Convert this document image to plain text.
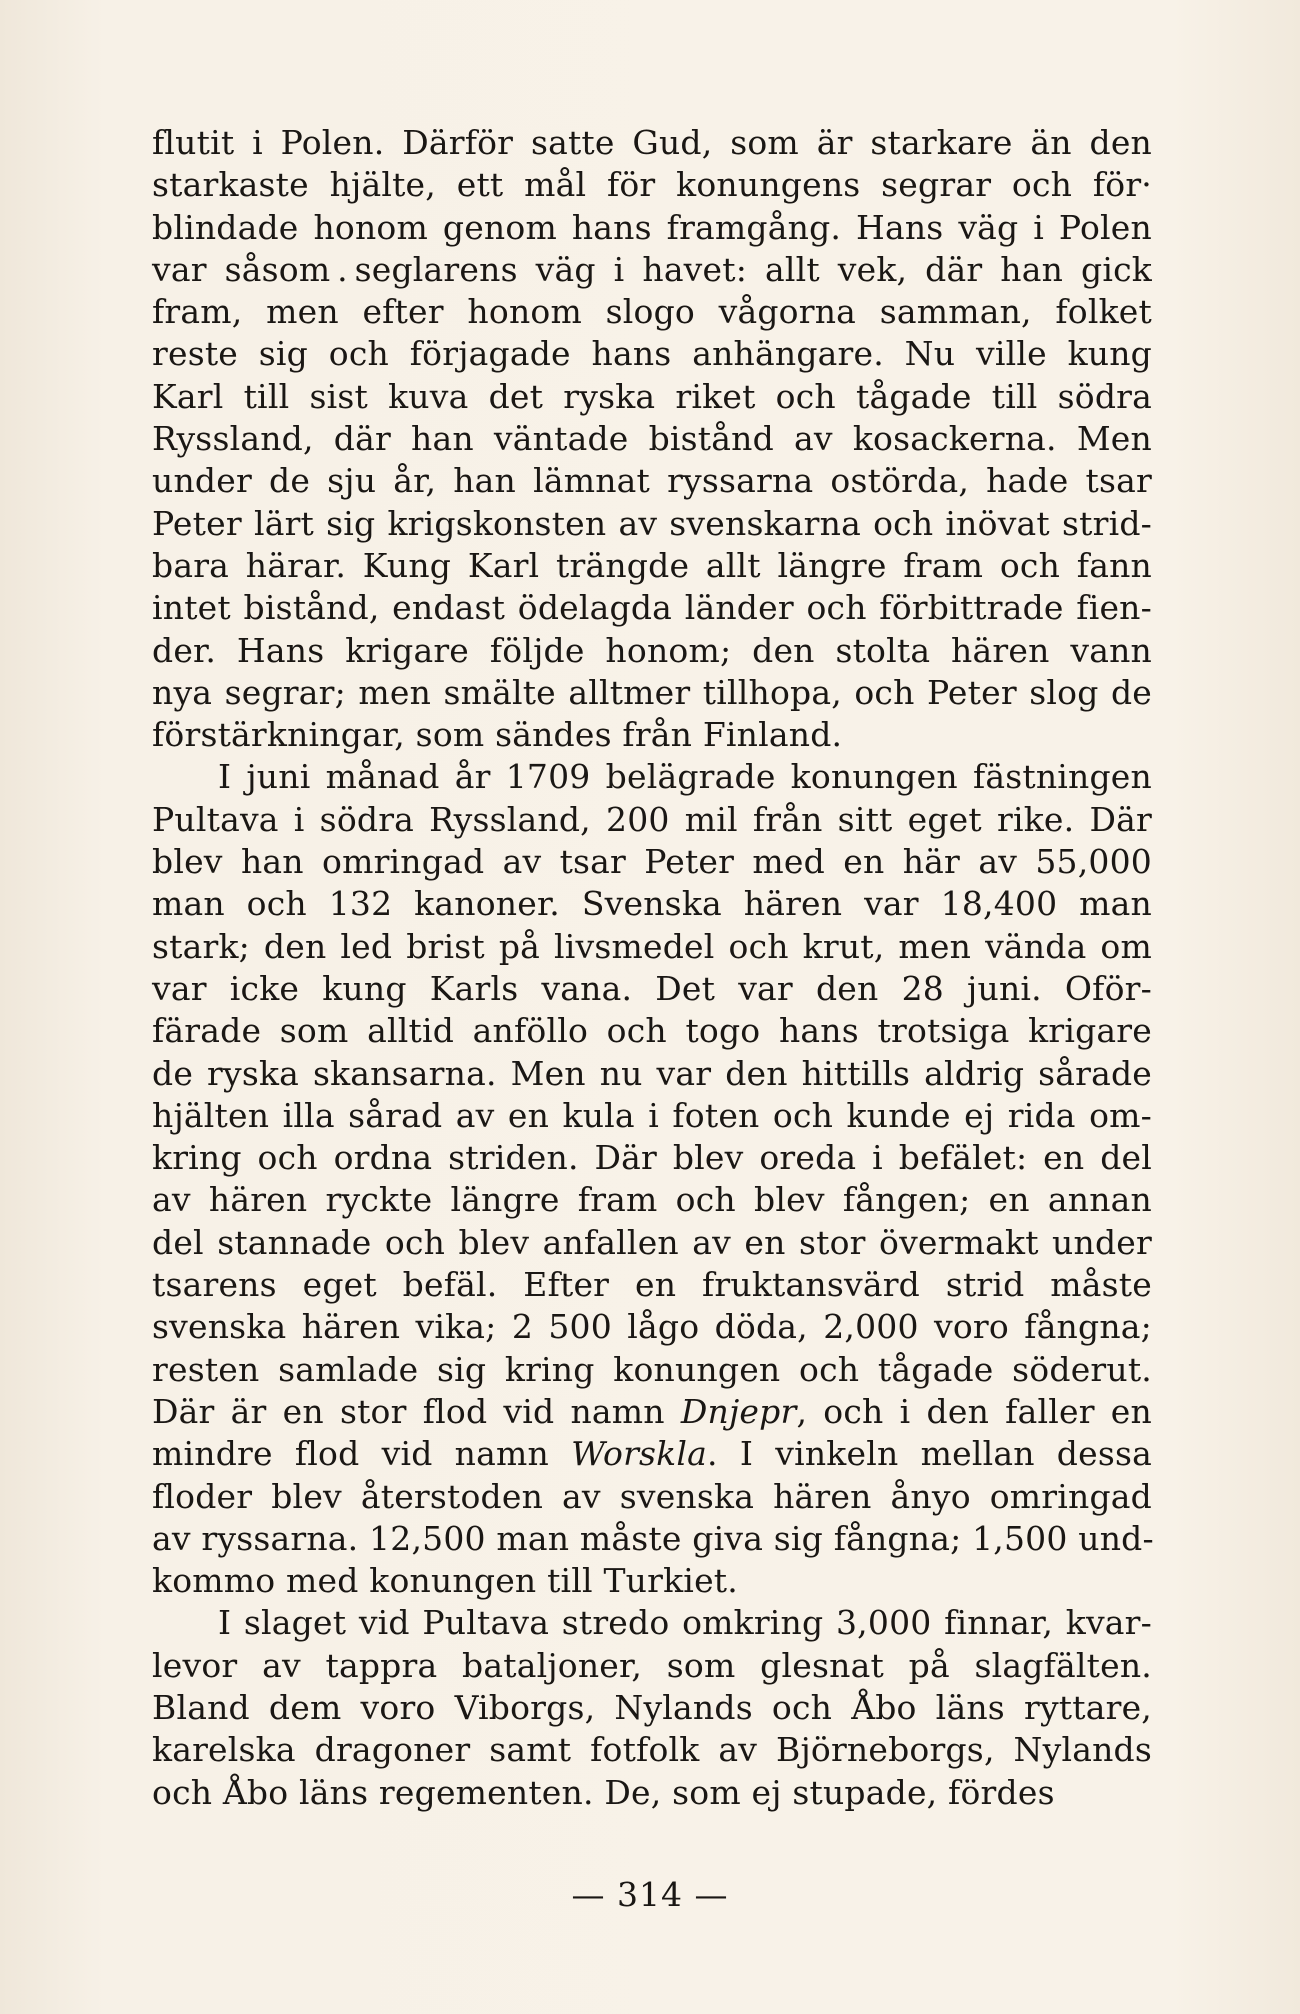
flutit i Polen. Därför satte Gud, som är starkare än den
starkaste hjälte, ett mål för konungens segrar och för·
blindade honom genom hans framgång. Hans väg i Polen
var såsom . seglarens väg i havet: allt vek, där han gick
fram, men efter honom slogo vågorna samman, folket
reste sig och förjagade hans anhängare. Nu ville kung
Karl till sist kuva det ryska riket och tågade till södra
Ryssland, där han väntade bistånd av kosackerna. Men
under de sju år, han lämnat ryssarna ostörda, hade tsar
Peter lärt sig krigskonsten av svenskarna och inövat strid-
bara härar. Kung Karl trängde allt längre fram och fann
intet bistånd, endast ödelagda länder och förbittrade fien-
der. Hans krigare följde honom; den stolta hären vann
nya segrar; men smälte alltmer tillhopa, och Peter slog de
förstärkningar, som sändes från Finland.
I juni månad år 1709 belägrade konungen fästningen
Pultava i södra Ryssland, 200 mil från sitt eget rike. Där
blev han omringad av tsar Peter med en här av 55,000
man och 132 kanoner. Svenska hären var 18,400 man
stark; den led brist på livsmedel och krut, men vända om
var icke kung Karls vana. Det var den 28 juni. Oför-
färade som alltid anföllo och togo hans trotsiga krigare
de ryska skansarna. Men nu var den hittills aldrig sårade
hjälten illa sårad av en kula i foten och kunde ej rida om-
kring och ordna striden. Där blev oreda i befälet: en del
av hären ryckte längre fram och blev fången; en annan
del stannade och blev anfallen av en stor övermakt under
tsarens eget befäl. Efter en fruktansvärd strid måste
svenska hären vika; 2 500 lågo döda, 2,000 voro fångna;
resten samlade sig kring konungen och tågade söderut.
Där är en stor flod vid namn Dnjepr, och i den faller en
mindre flod vid namn Worskla. I vinkeln mellan dessa
floder blev återstoden av svenska hären ånyo omringad
av ryssarna. 12,500 man måste giva sig fångna; 1,500 und-
kommo med konungen till Turkiet.
I slaget vid Pultava stredo omkring 3,000 finnar, kvar-
levor av tappra bataljoner, som glesnat på slagfälten.
Bland dem voro Viborgs, Nylands och Åbo läns ryttare,
karelska dragoner samt fotfolk av Björneborgs, Nylands
och Åbo läns regementen. De, som ej stupade, fördes
— 314 —
